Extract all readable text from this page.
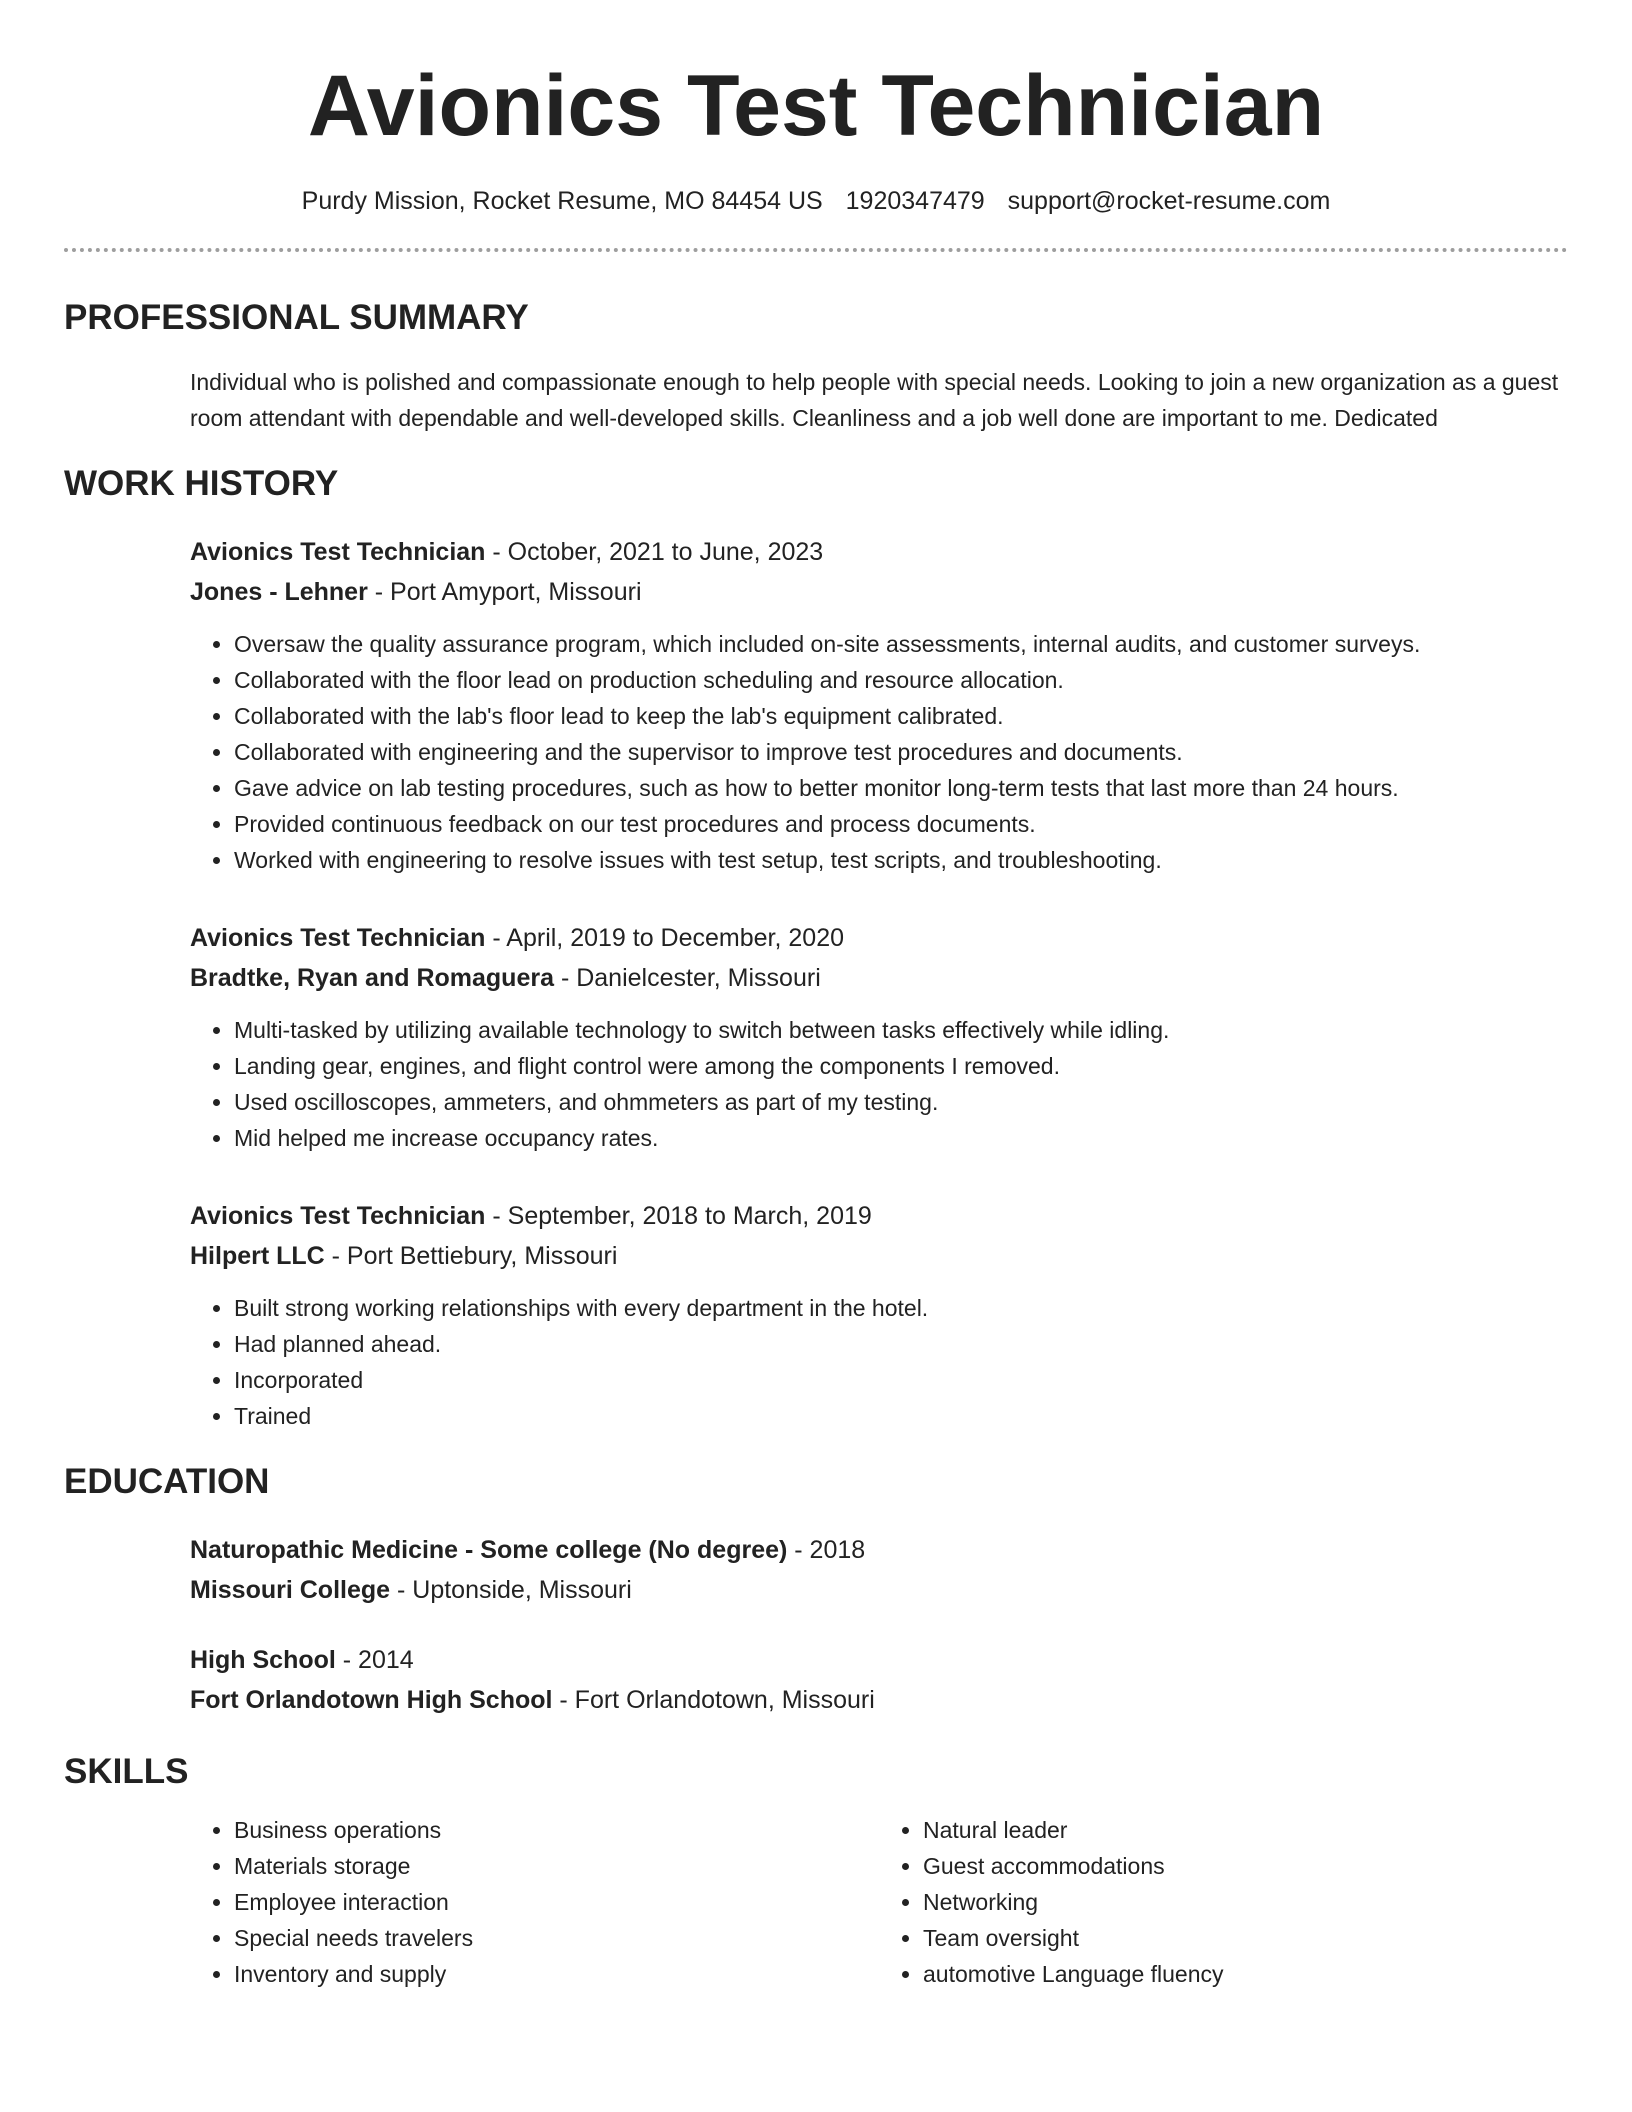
Avionics Test Technician
Purdy Mission, Rocket Resume, MO 84454 US 1920347479 support@rocket-resume.com
PROFESSIONAL SUMMARY

Individual who is polished and compassionate enough to help people with special needs. Looking to join a new organization as a guest room attendant with dependable and well-developed skills. Cleanliness and a job well done are important to me. Dedicated

WORK HISTORY
Avionics Test Technician - October, 2021 to June, 2023
Jones - Lehner - Port Amyport, Missouri
• Oversaw the quality assurance program, which included on-site assessments, internal audits, and customer surveys.
• Collaborated with the floor lead on production scheduling and resource allocation.
• Collaborated with the lab's floor lead to keep the lab's equipment calibrated.
• Collaborated with engineering and the supervisor to improve test procedures and documents.
• Gave advice on lab testing procedures, such as how to better monitor long-term tests that last more than 24 hours.
• Provided continuous feedback on our test procedures and process documents.
• Worked with engineering to resolve issues with test setup, test scripts, and troubleshooting.
Avionics Test Technician - April, 2019 to December, 2020
Bradtke, Ryan and Romaguera - Danielcester, Missouri
• Multi-tasked by utilizing available technology to switch between tasks effectively while idling.
• Landing gear, engines, and flight control were among the components I removed.
• Used oscilloscopes, ammeters, and ohmmeters as part of my testing.
• Mid helped me increase occupancy rates.
Avionics Test Technician - September, 2018 to March, 2019
Hilpert LLC - Port Bettiebury, Missouri
• Built strong working relationships with every department in the hotel.
• Had planned ahead.
• Incorporated
• Trained
EDUCATION
Naturopathic Medicine - Some college (No degree) - 2018
Missouri College - Uptonside, Missouri
High School - 2014
Fort Orlandotown High School - Fort Orlandotown, Missouri
SKILLS
• Business operations
• Materials storage
• Employee interaction
• Special needs travelers
• Inventory and supply
• Natural leader
• Guest accommodations
• Networking
• Team oversight
• automotive Language fluency
